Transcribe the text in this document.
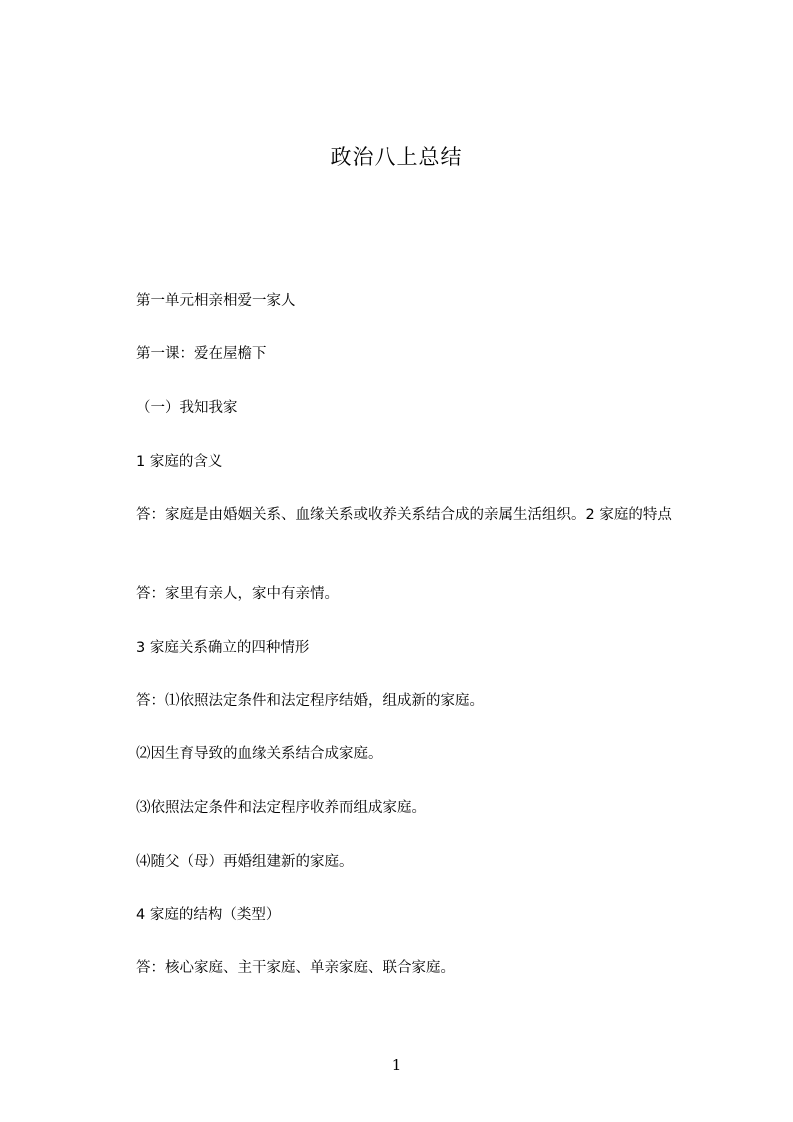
政治八上总结
第一单元相亲相爱一家人
第一课：爱在屋檐下
（一）我知我家
1 家庭的含义
答：家庭是由婚姻关系、血缘关系或收养关系结合成的亲属生活组织。2 家庭的特点
答：家里有亲人，家中有亲情。
3 家庭关系确立的四种情形
答：⑴依照法定条件和法定程序结婚，组成新的家庭。
⑵因生育导致的血缘关系结合成家庭。
⑶依照法定条件和法定程序收养而组成家庭。
⑷随父（母）再婚组建新的家庭。
4 家庭的结构（类型）
答：核心家庭、主干家庭、单亲家庭、联合家庭。
1
